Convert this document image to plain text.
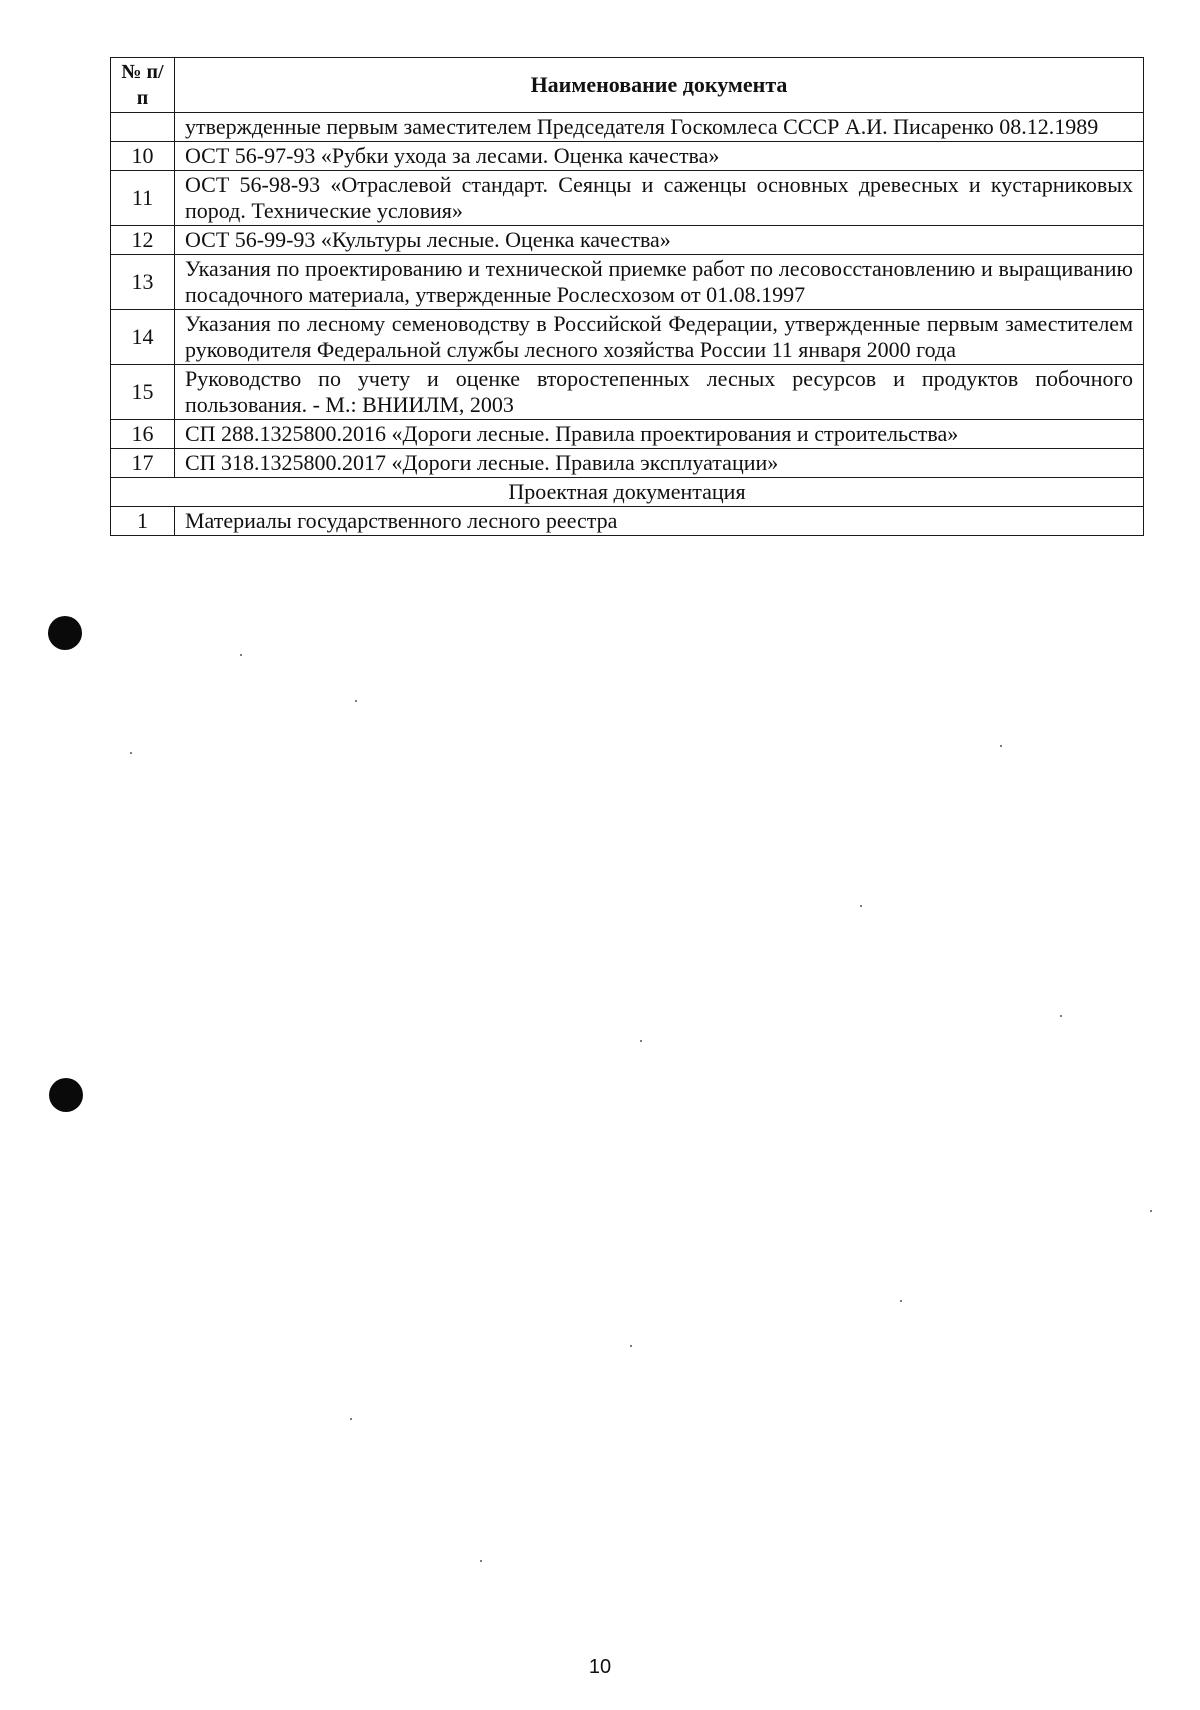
№ п/п	Наименование документа
	утвержденные первым заместителем Председателя Госкомлеса СССР А.И. Писаренко 08.12.1989
10	ОСТ 56-97-93 «Рубки ухода за лесами. Оценка качества»
11	ОСТ 56-98-93 «Отраслевой стандарт. Сеянцы и саженцы основных древесных и кустарниковых пород. Технические условия»
12	ОСТ 56-99-93 «Культуры лесные. Оценка качества»
13	Указания по проектированию и технической приемке работ по лесовосстановлению и выращиванию посадочного материала, утвержденные Рослесхозом от 01.08.1997
14	Указания по лесному семеноводству в Российской Федерации, утвержденные первым заместителем руководителя Федеральной службы лесного хозяйства России 11 января 2000 года
15	Руководство по учету и оценке второстепенных лесных ресурсов и продуктов побочного пользования. - М.: ВНИИЛМ, 2003
16	СП 288.1325800.2016 «Дороги лесные. Правила проектирования и строительства»
17	СП 318.1325800.2017 «Дороги лесные. Правила эксплуатации»
Проектная документация	
1	Материалы государственного лесного реестра
10
